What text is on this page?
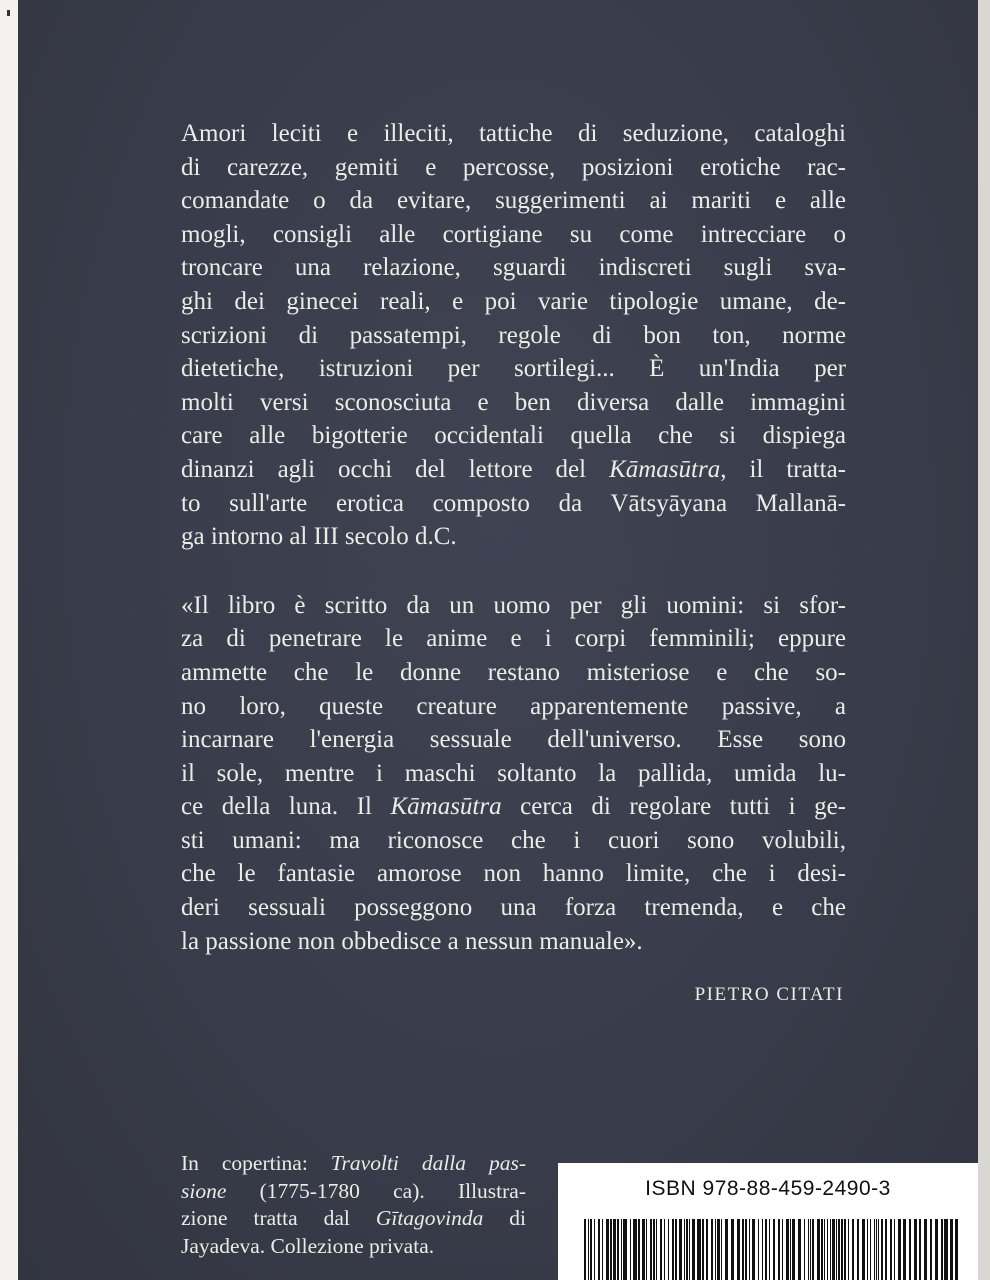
Amori leciti e illeciti, tattiche di seduzione, cataloghi

di carezze, gemiti e percosse, posizioni erotiche rac-

comandate o da evitare, suggerimenti ai mariti e alle

mogli, consigli alle cortigiane su come intrecciare o

troncare una relazione, sguardi indiscreti sugli sva-

ghi dei ginecei reali, e poi varie tipologie umane, de-

scrizioni di passatempi, regole di bon ton, norme

dietetiche, istruzioni per sortilegi... È un'India per

molti versi sconosciuta e ben diversa dalle immagini

care alle bigotterie occidentali quella che si dispiega

dinanzi agli occhi del lettore del Kāmasūtra, il tratta-

to sull'arte erotica composto da Vātsyāyana Mallanā-

ga intorno al III secolo d.C.

«Il libro è scritto da un uomo per gli uomini: si sfor-

za di penetrare le anime e i corpi femminili; eppure

ammette che le donne restano misteriose e che so-

no loro, queste creature apparentemente passive, a

incarnare l'energia sessuale dell'universo. Esse sono

il sole, mentre i maschi soltanto la pallida, umida lu-

ce della luna. Il Kāmasūtra cerca di regolare tutti i ge-

sti umani: ma riconosce che i cuori sono volubili,

che le fantasie amorose non hanno limite, che i desi-

deri sessuali posseggono una forza tremenda, e che

la passione non obbedisce a nessun manuale».

PIETRO CITATI

In copertina: Travolti dalla pas-

sione (1775-1780 ca). Illustra-

zione tratta dal Gītagovinda di

Jayadeva. Collezione privata.

ISBN 978-88-459-2490-3
